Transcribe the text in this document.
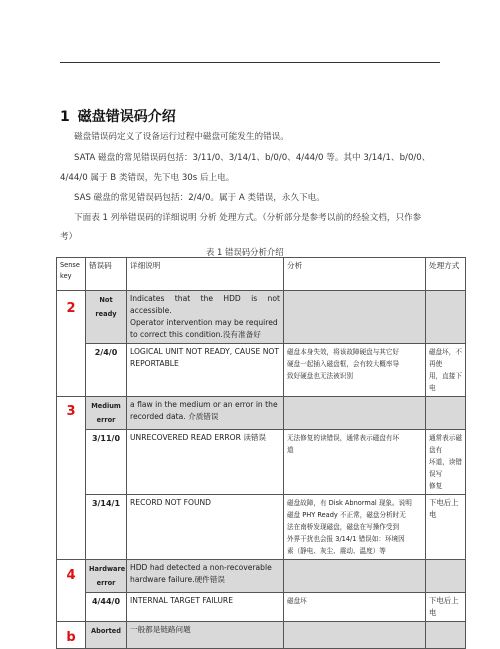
1 磁盘错误码介绍
磁盘错误码定义了设备运行过程中磁盘可能发生的错误。
SATA 磁盘的常见错误码包括：3/11/0、3/14/1、b/0/0、4/44/0 等。其中 3/14/1、b/0/0、
4/44/0 属于 B 类错误，先下电 30s 后上电。
SAS 磁盘的常见错误码包括：2/4/0。属于 A 类错误，永久下电。
下面表 1 列举错误码的详细说明 分析 处理方式。（分析部分是参考以前的经验文档，只作参
考）
表 1 错误码分析介绍
Sense
key	错误码	详细说明	分析	处理方式

2	Not ready	Indicates that the HDD is not accessible.
Operator intervention may be required
to correct this condition.没有准备好		
	2/4/0	LOGICAL UNIT NOT READY, CAUSE NOT
REPORTABLE	磁盘本身失效，将该故障硬盘与其它好
硬盘一起插入磁盘框，会有较大概率导
致好硬盘也无法被识别	磁盘坏，不再使
用，直接下电

3	Medium
error	a flaw in the medium or an error in the
recorded data. 介质错误		
	3/11/0	UNRECOVERED READ ERROR 读错误	无法修复的读错误，通常表示磁盘有坏
道	通常表示磁盘有
坏道，读错误写
修复
	3/14/1	RECORD NOT FOUND	磁盘故障，有 Disk Abnormal 现象。说明
磁盘 PHY Ready 不正常，磁盘分析时无
法在南桥发现磁盘，磁盘在写操作受到
外界干扰也会报 3/14/1 错误如：环境因
素（静电、灰尘、震动、温度）等	下电后上电

4	Hardware
error	HDD had detected a non-recoverable
hardware failure.硬件错误		
	4/44/0	INTERNAL TARGET FAILURE	磁盘坏	下电后上电

b	Aborted	一般都是链路问题		
